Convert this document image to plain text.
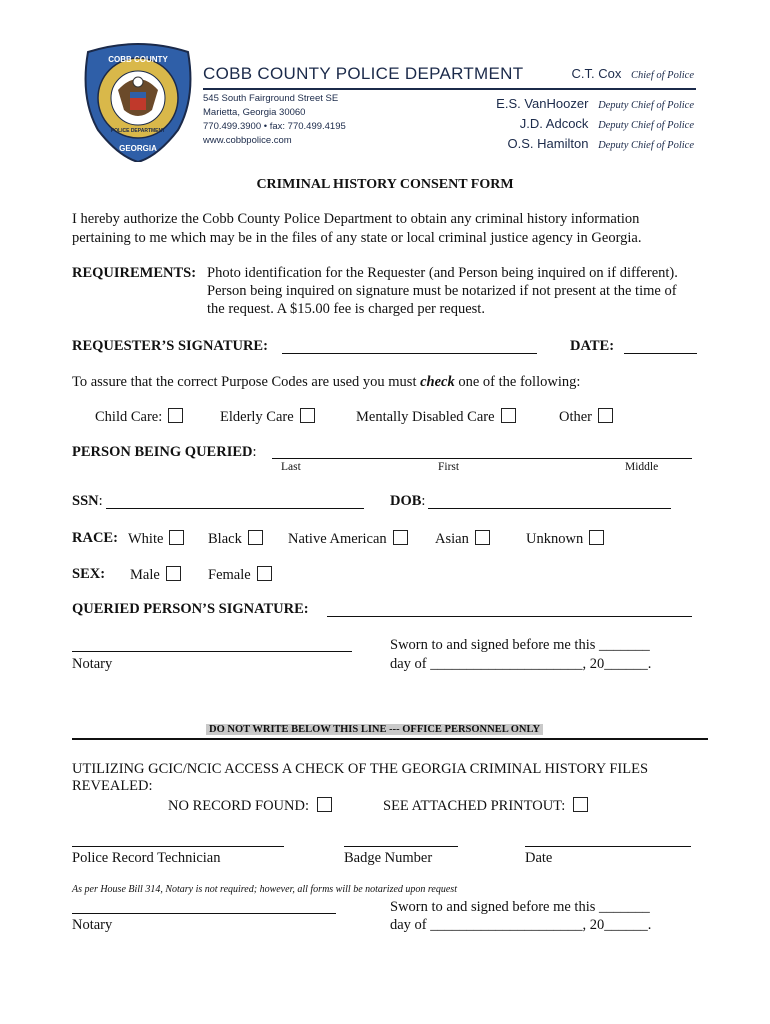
COBB COUNTY
GEORGIA
POLICE DEPARTMENT
COBB COUNTY POLICE DEPARTMENT
545 South Fairground Street SE
Marietta, Georgia 30060
770.499.3900 • fax: 770.499.4195
www.cobbpolice.com
C.T. Cox Chief of Police
E.S. VanHoozer Deputy Chief of Police
J.D. Adcock Deputy Chief of Police
O.S. Hamilton Deputy Chief of Police
CRIMINAL HISTORY CONSENT FORM
I hereby authorize the Cobb County Police Department to obtain any criminal history information
pertaining to me which may be in the files of any state or local criminal justice agency in Georgia.
REQUIREMENTS: Photo identification for the Requester (and Person being inquired on if different).
Person being inquired on signature must be notarized if not present at the time of
the request. A $15.00 fee is charged per request.
REQUESTER’S SIGNATURE:	DATE:
To assure that the correct Purpose Codes are used you must check one of the following:
Child Care:	Elderly Care	Mentally Disabled Care	Other
PERSON BEING QUERIED:
Last	First	Middle
SSN:	DOB:
RACE: White	Black	Native American	Asian	Unknown
SEX: Male	Female
QUERIED PERSON’S SIGNATURE:
Notary
Sworn to and signed before me this _______
day of _____________________, 20______.
DO NOT WRITE BELOW THIS LINE --- OFFICE PERSONNEL ONLY
UTILIZING GCIC/NCIC ACCESS A CHECK OF THE GEORGIA CRIMINAL HISTORY FILES
REVEALED:
NO RECORD FOUND:	SEE ATTACHED PRINTOUT:
Police Record Technician	Badge Number	Date
As per House Bill 314, Notary is not required; however, all forms will be notarized upon request
Notary
Sworn to and signed before me this _______
day of _____________________, 20______.
